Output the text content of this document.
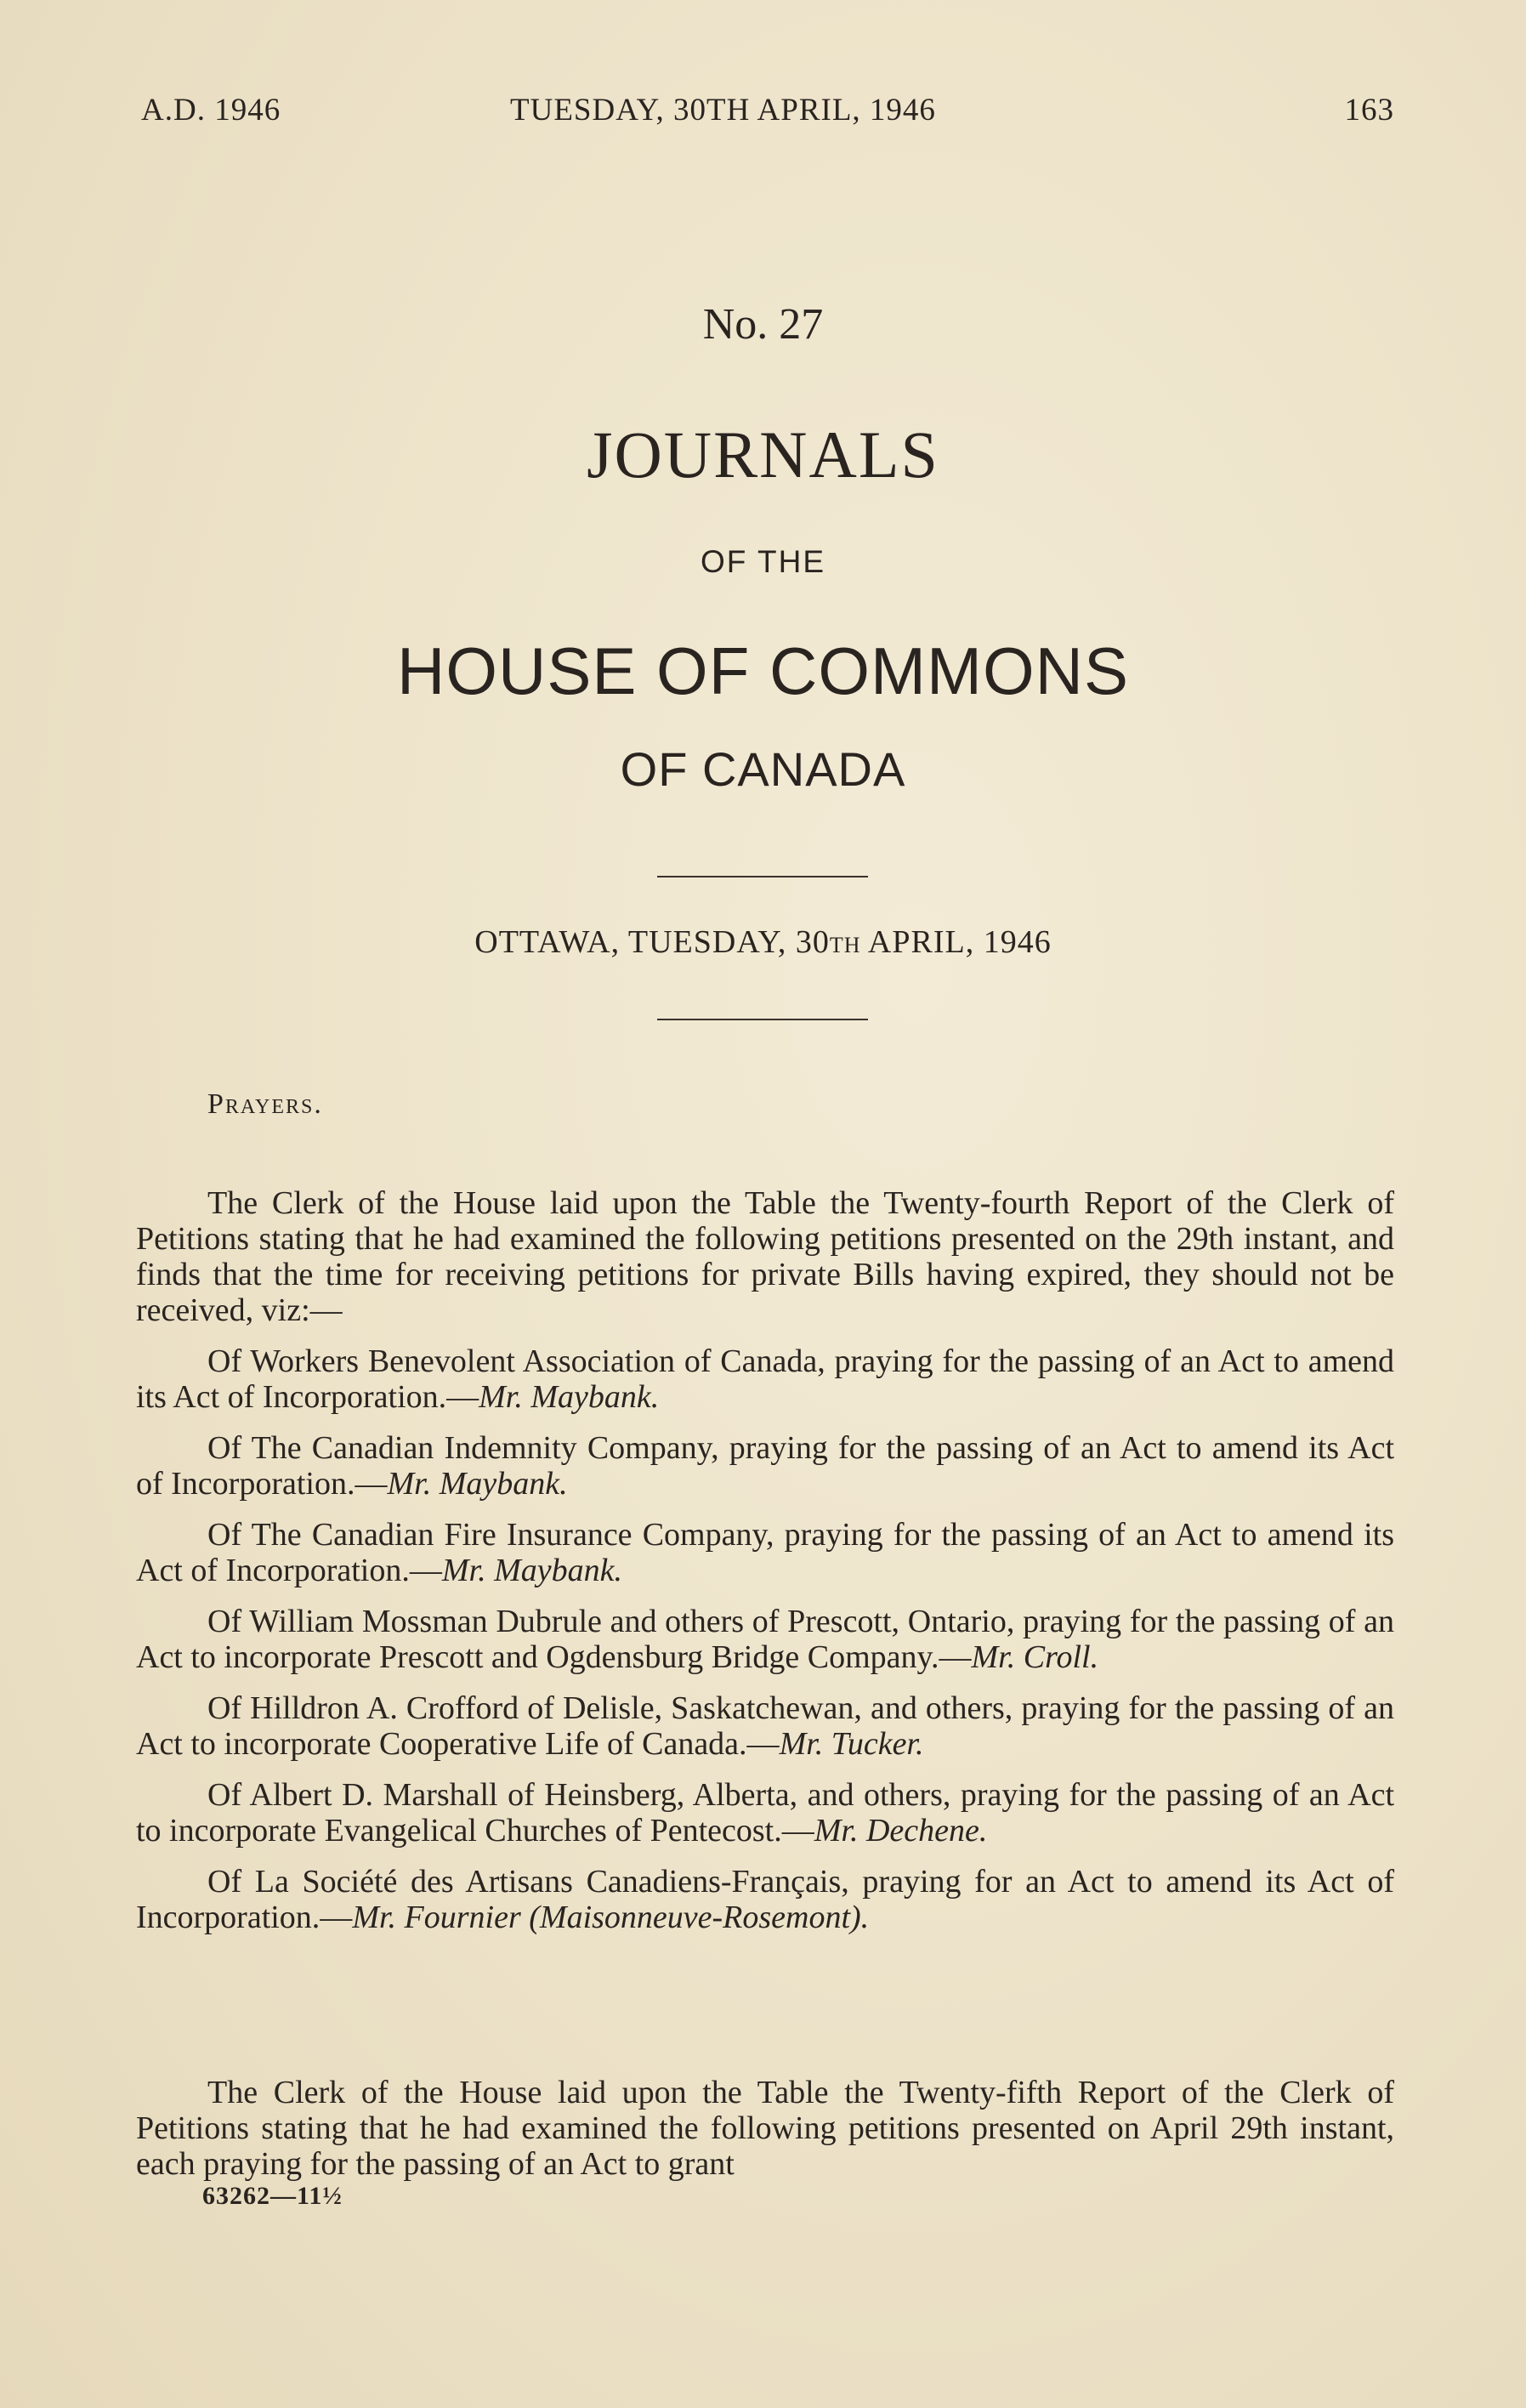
A.D. 1946	TUESDAY, 30TH APRIL, 1946	163
No. 27
JOURNALS
OF THE
HOUSE OF COMMONS
OF CANADA
OTTAWA, TUESDAY, 30TH APRIL, 1946
Prayers.

The Clerk of the House laid upon the Table the Twenty-fourth Report of the Clerk of Petitions stating that he had examined the following petitions presented on the 29th instant, and finds that the time for receiving petitions for private Bills having expired, they should not be received, viz:—

Of Workers Benevolent Association of Canada, praying for the passing of an Act to amend its Act of Incorporation.—Mr. Maybank.

Of The Canadian Indemnity Company, praying for the passing of an Act to amend its Act of Incorporation.—Mr. Maybank.

Of The Canadian Fire Insurance Company, praying for the passing of an Act to amend its Act of Incorporation.—Mr. Maybank.

Of William Mossman Dubrule and others of Prescott, Ontario, praying for the passing of an Act to incorporate Prescott and Ogdensburg Bridge Company.—Mr. Croll.

Of Hilldron A. Crofford of Delisle, Saskatchewan, and others, praying for the passing of an Act to incorporate Cooperative Life of Canada.—Mr. Tucker.

Of Albert D. Marshall of Heinsberg, Alberta, and others, praying for the passing of an Act to incorporate Evangelical Churches of Pentecost.—Mr. Dechene.

Of La Société des Artisans Canadiens-Français, praying for an Act to amend its Act of Incorporation.—Mr. Fournier (Maisonneuve-Rosemont).

The Clerk of the House laid upon the Table the Twenty-fifth Report of the Clerk of Petitions stating that he had examined the following petitions presented on April 29th instant, each praying for the passing of an Act to grant

63262—11½
